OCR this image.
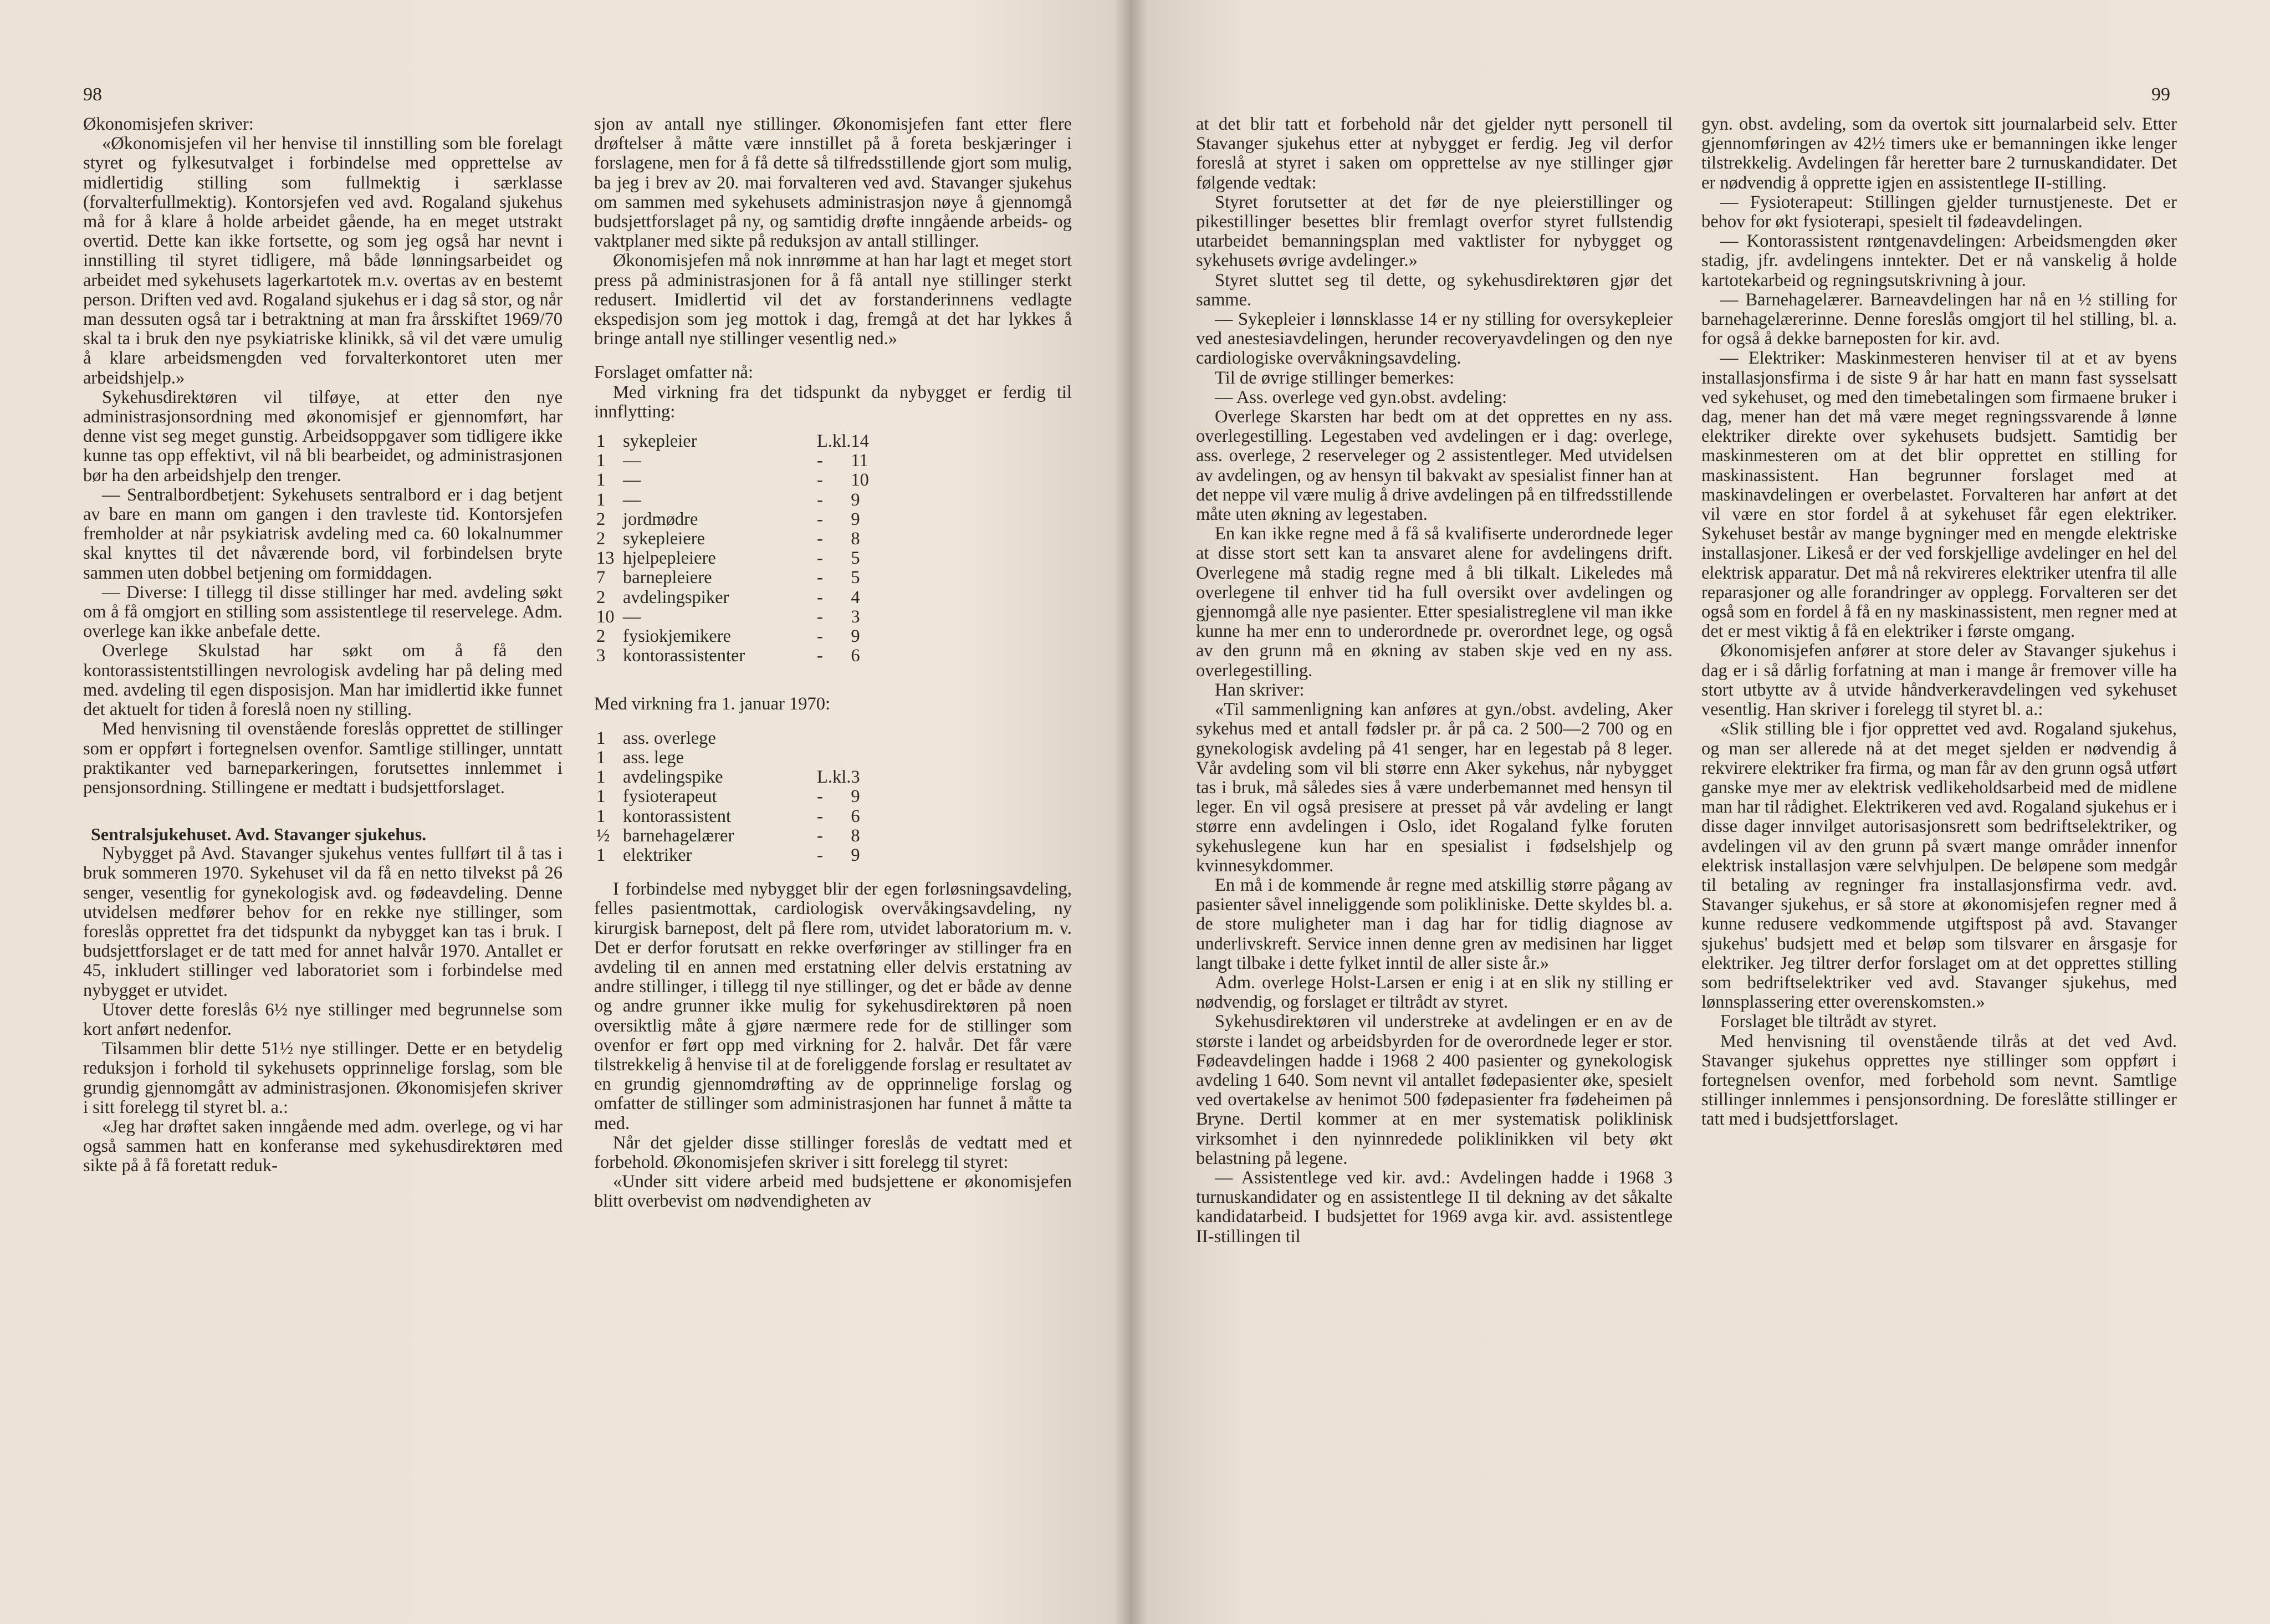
98

Økonomisjefen skriver:

«Økonomisjefen vil her henvise til innstilling som ble forelagt styret og fylkesutvalget i forbindelse med opprettelse av midlertidig stilling som fullmektig i særklasse (forvalterfullmektig). Kontorsjefen ved avd. Rogaland sjukehus må for å klare å holde arbeidet gående, ha en meget utstrakt overtid. Dette kan ikke fortsette, og som jeg også har nevnt i innstilling til styret tidligere, må både lønningsarbeidet og arbeidet med sykehusets lagerkartotek m.v. overtas av en bestemt person. Driften ved avd. Rogaland sjukehus er i dag så stor, og når man dessuten også tar i betraktning at man fra årsskiftet 1969/70 skal ta i bruk den nye psykiatriske klinikk, så vil det være umulig å klare arbeidsmengden ved forvalterkontoret uten mer arbeidshjelp.»

Sykehusdirektøren vil tilføye, at etter den nye administrasjonsordning med økonomisjef er gjennomført, har denne vist seg meget gunstig. Arbeidsoppgaver som tidligere ikke kunne tas opp effektivt, vil nå bli bearbeidet, og administrasjonen bør ha den arbeidshjelp den trenger.

— Sentralbordbetjent: Sykehusets sentralbord er i dag betjent av bare en mann om gangen i den travleste tid. Kontorsjefen fremholder at når psykiatrisk avdeling med ca. 60 lokalnummer skal knyttes til det nåværende bord, vil forbindelsen bryte sammen uten dobbel betjening om formiddagen.

— Diverse: I tillegg til disse stillinger har med. avdeling søkt om å få omgjort en stilling som assistentlege til reservelege. Adm. overlege kan ikke anbefale dette.

Overlege Skulstad har søkt om å få den kontorassistentstillingen nevrologisk avdeling har på deling med med. avdeling til egen disposisjon. Man har imidlertid ikke funnet det aktuelt for tiden å foreslå noen ny stilling.

Med henvisning til ovenstående foreslås opprettet de stillinger som er oppført i fortegnelsen ovenfor. Samtlige stillinger, unntatt praktikanter ved barneparkeringen, forutsettes innlemmet i pensjonsordning. Stillingene er medtatt i budsjettforslaget.

Sentralsjukehuset. Avd. Stavanger sjukehus.

Nybygget på Avd. Stavanger sjukehus ventes fullført til å tas i bruk sommeren 1970. Sykehuset vil da få en netto tilvekst på 26 senger, vesentlig for gynekologisk avd. og fødeavdeling. Denne utvidelsen medfører behov for en rekke nye stillinger, som foreslås opprettet fra det tidspunkt da nybygget kan tas i bruk. I budsjettforslaget er de tatt med for annet halvår 1970. Antallet er 45, inkludert stillinger ved laboratoriet som i forbindelse med nybygget er utvidet.

Utover dette foreslås 6½ nye stillinger med begrunnelse som kort anført nedenfor.

Tilsammen blir dette 51½ nye stillinger. Dette er en betydelig reduksjon i forhold til sykehusets opprinnelige forslag, som ble grundig gjennomgått av administrasjonen. Økonomisjefen skriver i sitt forelegg til styret bl. a.:

«Jeg har drøftet saken inngående med adm. overlege, og vi har også sammen hatt en konferanse med sykehusdirektøren med sikte på å få foretatt reduk-

sjon av antall nye stillinger. Økonomisjefen fant etter flere drøftelser å måtte være innstillet på å foreta beskjæringer i forslagene, men for å få dette så tilfredsstillende gjort som mulig, ba jeg i brev av 20. mai forvalteren ved avd. Stavanger sjukehus om sammen med sykehusets administrasjon nøye å gjennomgå budsjettforslaget på ny, og samtidig drøfte inngående arbeids- og vaktplaner med sikte på reduksjon av antall stillinger.

Økonomisjefen må nok innrømme at han har lagt et meget stort press på administrasjonen for å få antall nye stillinger sterkt redusert. Imidlertid vil det av forstanderinnens vedlagte ekspedisjon som jeg mottok i dag, fremgå at det har lykkes å bringe antall nye stillinger vesentlig ned.»

Forslaget omfatter nå:

Med virkning fra det tidspunkt da nybygget er ferdig til innflytting:

1	sykepleier	L.kl.	14
1	—	-	11
1	—	-	10
1	—	-	9
2	jordmødre	-	9
2	sykepleiere	-	8
13	hjelpepleiere	-	5
7	barnepleiere	-	5
2	avdelingspiker	-	4
10	—	-	3
2	fysiokjemikere	-	9
3	kontorassistenter	-	6

Med virkning fra 1. januar 1970:

1	ass. overlege		
1	ass. lege		
1	avdelingspike	L.kl.	3
1	fysioterapeut	-	9
1	kontorassistent	-	6
½	barnehagelærer	-	8
1	elektriker	-	9

I forbindelse med nybygget blir der egen forløsningsavdeling, felles pasientmottak, cardiologisk overvåkingsavdeling, ny kirurgisk barnepost, delt på flere rom, utvidet laboratorium m. v. Det er derfor forutsatt en rekke overføringer av stillinger fra en avdeling til en annen med erstatning eller delvis erstatning av andre stillinger, i tillegg til nye stillinger, og det er både av denne og andre grunner ikke mulig for sykehusdirektøren på noen oversiktlig måte å gjøre nærmere rede for de stillinger som ovenfor er ført opp med virkning for 2. halvår. Det får være tilstrekkelig å henvise til at de foreliggende forslag er resultatet av en grundig gjennomdrøfting av de opprinnelige forslag og omfatter de stillinger som administrasjonen har funnet å måtte ta med.

Når det gjelder disse stillinger foreslås de vedtatt med et forbehold. Økonomisjefen skriver i sitt forelegg til styret:

«Under sitt videre arbeid med budsjettene er økonomisjefen blitt overbevist om nødvendigheten av

99

at det blir tatt et forbehold når det gjelder nytt personell til Stavanger sjukehus etter at nybygget er ferdig. Jeg vil derfor foreslå at styret i saken om opprettelse av nye stillinger gjør følgende vedtak:

Styret forutsetter at det før de nye pleierstillinger og pikestillinger besettes blir fremlagt overfor styret fullstendig utarbeidet bemanningsplan med vaktlister for nybygget og sykehusets øvrige avdelinger.»

Styret sluttet seg til dette, og sykehusdirektøren gjør det samme.

— Sykepleier i lønnsklasse 14 er ny stilling for oversykepleier ved anestesiavdelingen, herunder recoveryavdelingen og den nye cardiologiske overvåkningsavdeling.

Til de øvrige stillinger bemerkes:

— Ass. overlege ved gyn.obst. avdeling:

Overlege Skarsten har bedt om at det opprettes en ny ass. overlegestilling. Legestaben ved avdelingen er i dag: overlege, ass. overlege, 2 reserveleger og 2 assistentleger. Med utvidelsen av avdelingen, og av hensyn til bakvakt av spesialist finner han at det neppe vil være mulig å drive avdelingen på en tilfredsstillende måte uten økning av legestaben.

En kan ikke regne med å få så kvalifiserte underordnede leger at disse stort sett kan ta ansvaret alene for avdelingens drift. Overlegene må stadig regne med å bli tilkalt. Likeledes må overlegene til enhver tid ha full oversikt over avdelingen og gjennomgå alle nye pasienter. Etter spesialistreglene vil man ikke kunne ha mer enn to underordnede pr. overordnet lege, og også av den grunn må en økning av staben skje ved en ny ass. overlegestilling.

Han skriver:

«Til sammenligning kan anføres at gyn./obst. avdeling, Aker sykehus med et antall fødsler pr. år på ca. 2 500—2 700 og en gynekologisk avdeling på 41 senger, har en legestab på 8 leger. Vår avdeling som vil bli større enn Aker sykehus, når nybygget tas i bruk, må således sies å være underbemannet med hensyn til leger. En vil også presisere at presset på vår avdeling er langt større enn avdelingen i Oslo, idet Rogaland fylke foruten sykehuslegene kun har en spesialist i fødselshjelp og kvinnesykdommer.

En må i de kommende år regne med atskillig større pågang av pasienter såvel inneliggende som polikliniske. Dette skyldes bl. a. de store muligheter man i dag har for tidlig diagnose av underlivskreft. Service innen denne gren av medisinen har ligget langt tilbake i dette fylket inntil de aller siste år.»

Adm. overlege Holst-Larsen er enig i at en slik ny stilling er nødvendig, og forslaget er tiltrådt av styret.

Sykehusdirektøren vil understreke at avdelingen er en av de største i landet og arbeidsbyrden for de overordnede leger er stor. Fødeavdelingen hadde i 1968 2 400 pasienter og gynekologisk avdeling 1 640. Som nevnt vil antallet fødepasienter øke, spesielt ved overtakelse av henimot 500 fødepasienter fra fødeheimen på Bryne. Dertil kommer at en mer systematisk poliklinisk virksomhet i den nyinnredede poliklinikken vil bety økt belastning på legene.

— Assistentlege ved kir. avd.: Avdelingen hadde i 1968 3 turnuskandidater og en assistentlege II til dekning av det såkalte kandidatarbeid. I budsjettet for 1969 avga kir. avd. assistentlege II-stillingen til

gyn. obst. avdeling, som da overtok sitt journalarbeid selv. Etter gjennomføringen av 42½ timers uke er bemanningen ikke lenger tilstrekkelig. Avdelingen får heretter bare 2 turnuskandidater. Det er nødvendig å opprette igjen en assistentlege II-stilling.

— Fysioterapeut: Stillingen gjelder turnustjeneste. Det er behov for økt fysioterapi, spesielt til fødeavdelingen.

— Kontorassistent røntgenavdelingen: Arbeidsmengden øker stadig, jfr. avdelingens inntekter. Det er nå vanskelig å holde kartotekarbeid og regningsutskrivning à jour.

— Barnehagelærer. Barneavdelingen har nå en ½ stilling for barnehagelærerinne. Denne foreslås omgjort til hel stilling, bl. a. for også å dekke barneposten for kir. avd.

— Elektriker: Maskinmesteren henviser til at et av byens installasjonsfirma i de siste 9 år har hatt en mann fast sysselsatt ved sykehuset, og med den timebetalingen som firmaene bruker i dag, mener han det må være meget regningssvarende å lønne elektriker direkte over sykehusets budsjett. Samtidig ber maskinmesteren om at det blir opprettet en stilling for maskinassistent. Han begrunner forslaget med at maskinavdelingen er overbelastet. Forvalteren har anført at det vil være en stor fordel å at sykehuset får egen elektriker. Sykehuset består av mange bygninger med en mengde elektriske installasjoner. Likeså er der ved forskjellige avdelinger en hel del elektrisk apparatur. Det må nå rekvireres elektriker utenfra til alle reparasjoner og alle forandringer av opplegg. Forvalteren ser det også som en fordel å få en ny maskinassistent, men regner med at det er mest viktig å få en elektriker i første omgang.

Økonomisjefen anfører at store deler av Stavanger sjukehus i dag er i så dårlig forfatning at man i mange år fremover ville ha stort utbytte av å utvide håndverkeravdelingen ved sykehuset vesentlig. Han skriver i forelegg til styret bl. a.:

«Slik stilling ble i fjor opprettet ved avd. Rogaland sjukehus, og man ser allerede nå at det meget sjelden er nødvendig å rekvirere elektriker fra firma, og man får av den grunn også utført ganske mye mer av elektrisk vedlikeholdsarbeid med de midlene man har til rådighet. Elektrikeren ved avd. Rogaland sjukehus er i disse dager innvilget autorisasjonsrett som bedriftselektriker, og avdelingen vil av den grunn på svært mange områder innenfor elektrisk installasjon være selvhjulpen. De beløpene som medgår til betaling av regninger fra installasjonsfirma vedr. avd. Stavanger sjukehus, er så store at økonomisjefen regner med å kunne redusere vedkommende utgiftspost på avd. Stavanger sjukehus' budsjett med et beløp som tilsvarer en årsgasje for elektriker. Jeg tiltrer derfor forslaget om at det opprettes stilling som bedriftselektriker ved avd. Stavanger sjukehus, med lønnsplassering etter overenskomsten.»

Forslaget ble tiltrådt av styret.

Med henvisning til ovenstående tilrås at det ved Avd. Stavanger sjukehus opprettes nye stillinger som oppført i fortegnelsen ovenfor, med forbehold som nevnt. Samtlige stillinger innlemmes i pensjonsordning. De foreslåtte stillinger er tatt med i budsjettforslaget.
